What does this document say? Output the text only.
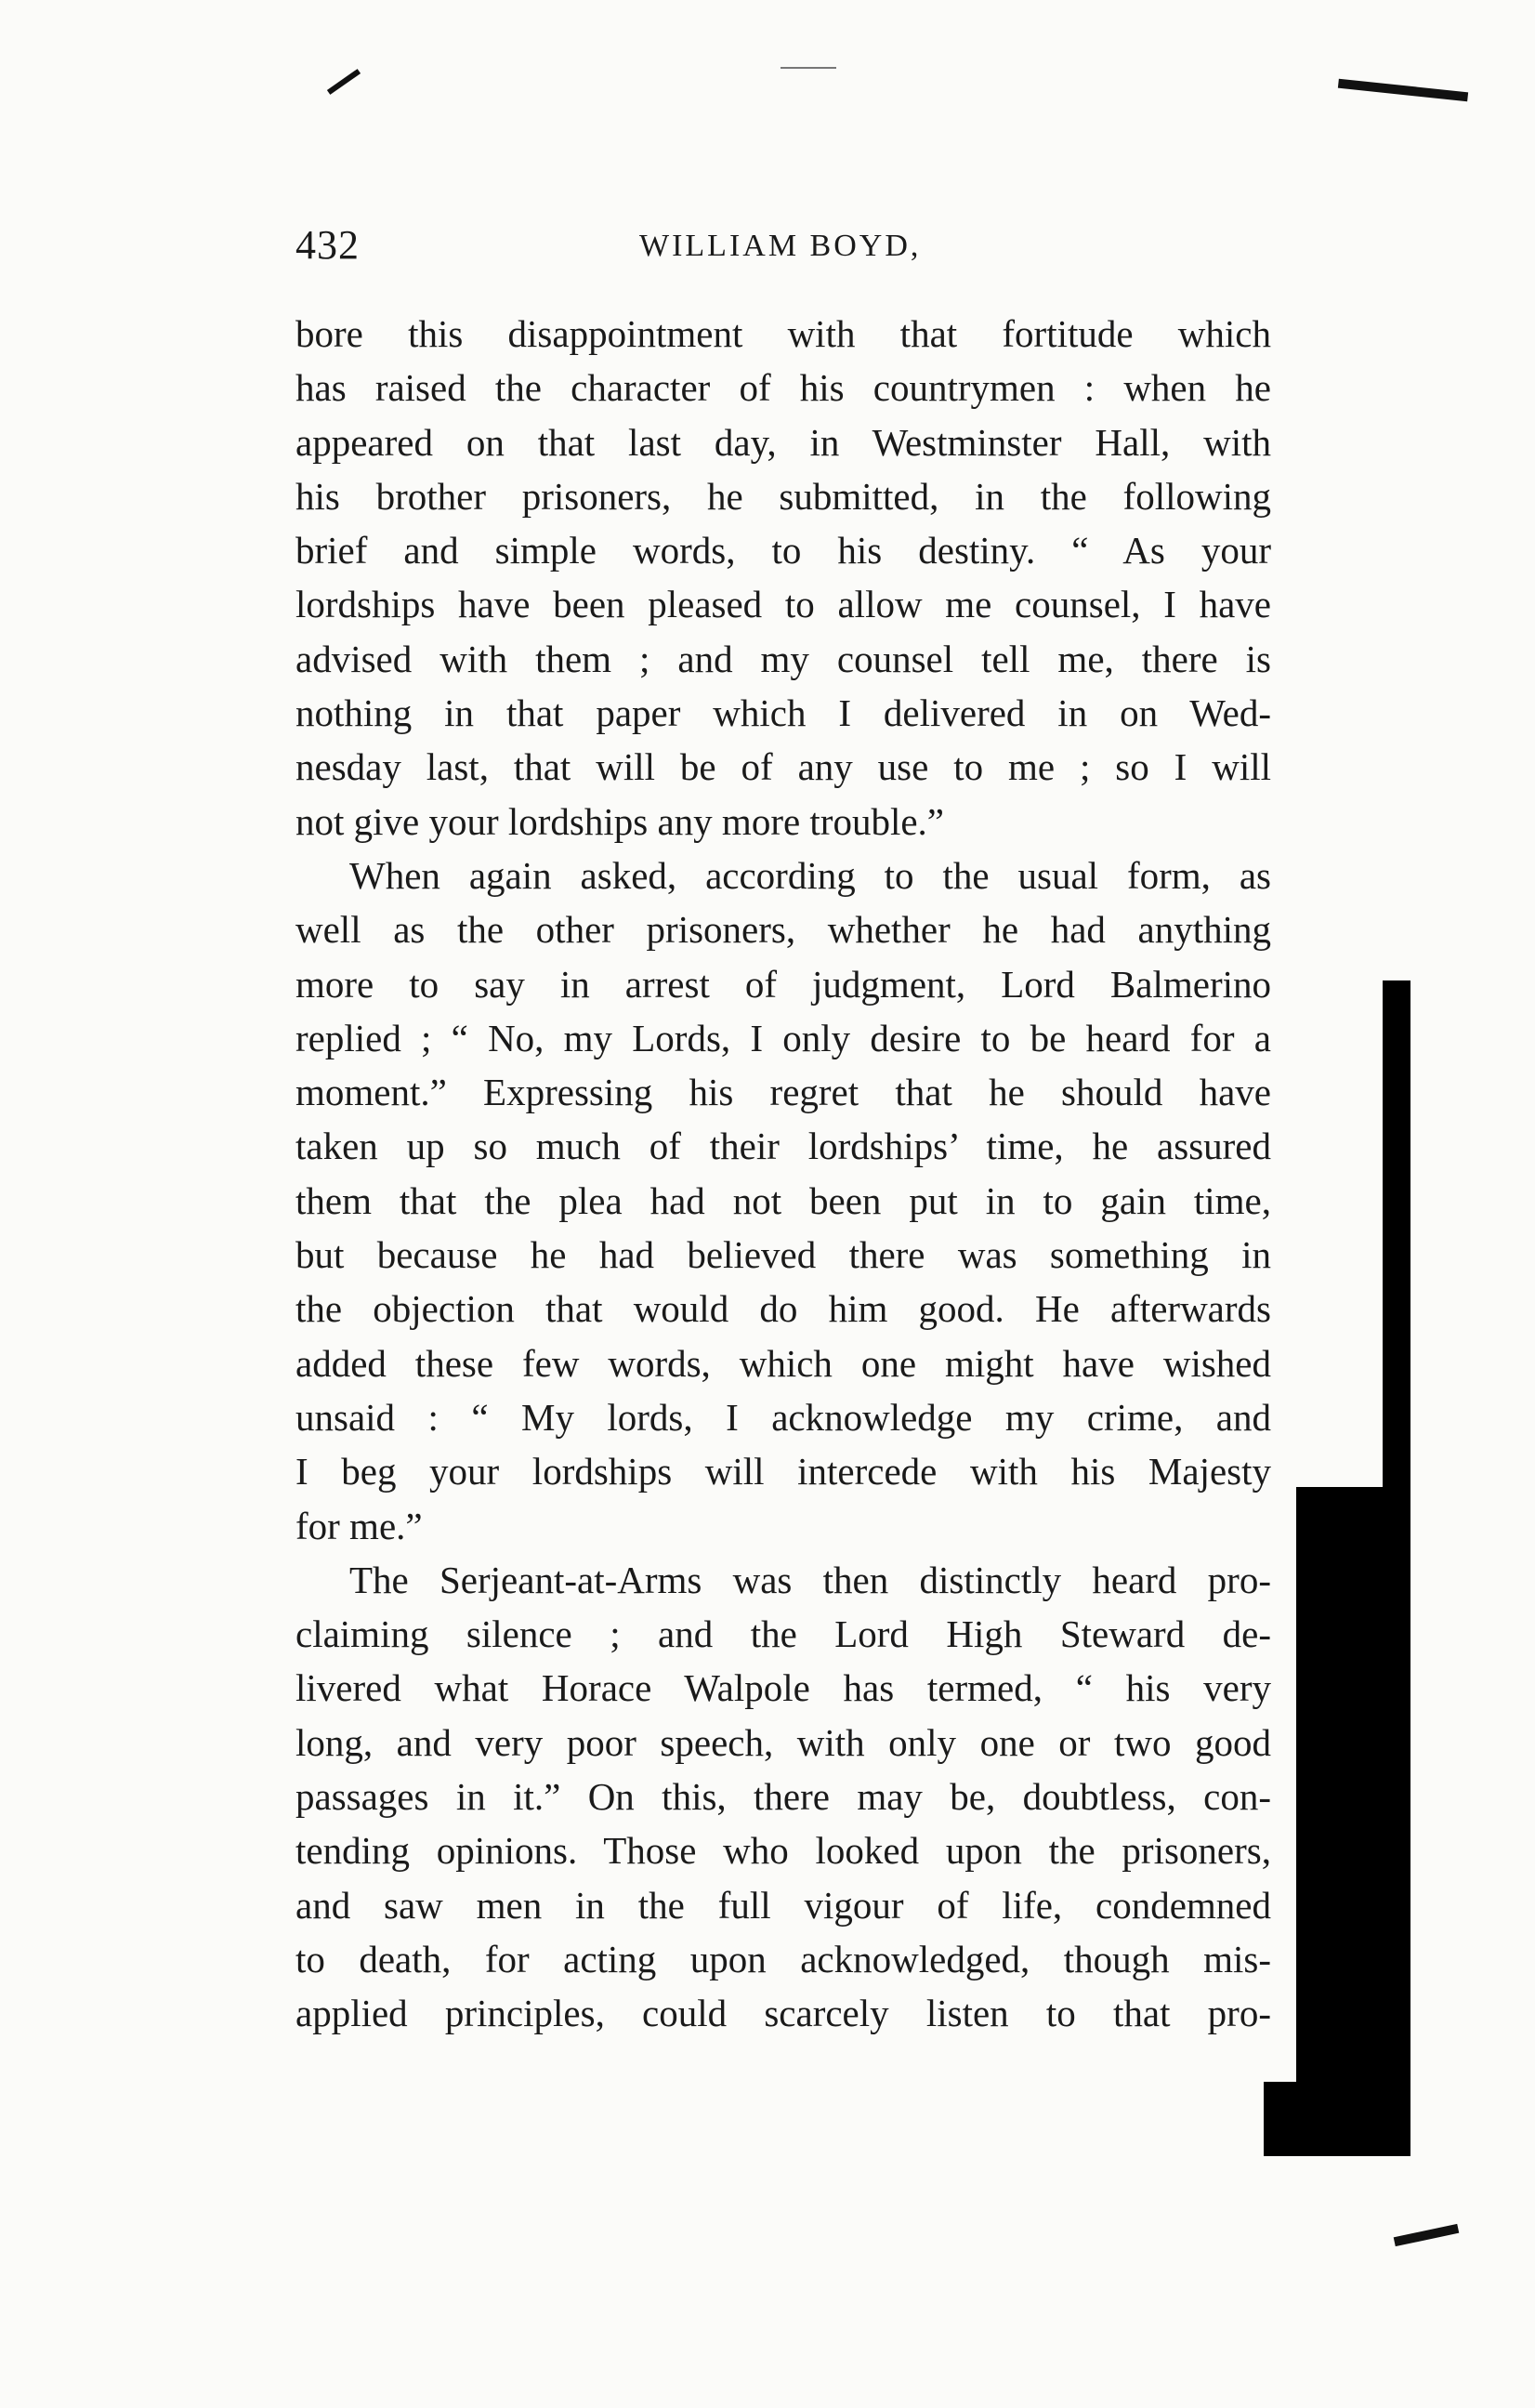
432	WILLIAM BOYD,
bore this disappointment with that fortitude which
has raised the character of his countrymen : when he
appeared on that last day, in Westminster Hall, with
his brother prisoners, he submitted, in the following
brief and simple words, to his destiny. “ As your
lordships have been pleased to allow me counsel, I have
advised with them ; and my counsel tell me, there is
nothing in that paper which I delivered in on Wed-
nesday last, that will be of any use to me ; so I will
not give your lordships any more trouble.”
When again asked, according to the usual form, as
well as the other prisoners, whether he had anything
more to say in arrest of judgment, Lord Balmerino
replied ; “ No, my Lords, I only desire to be heard for a
moment.” Expressing his regret that he should have
taken up so much of their lordships’ time, he assured
them that the plea had not been put in to gain time,
but because he had believed there was something in
the objection that would do him good. He afterwards
added these few words, which one might have wished
unsaid : “ My lords, I acknowledge my crime, and
I beg your lordships will intercede with his Majesty
for me.”
The Serjeant-at-Arms was then distinctly heard pro-
claiming silence ; and the Lord High Steward de-
livered what Horace Walpole has termed, “ his very
long, and very poor speech, with only one or two good
passages in it.” On this, there may be, doubtless, con-
tending opinions. Those who looked upon the prisoners,
and saw men in the full vigour of life, condemned
to death, for acting upon acknowledged, though mis-
applied principles, could scarcely listen to that pro-
